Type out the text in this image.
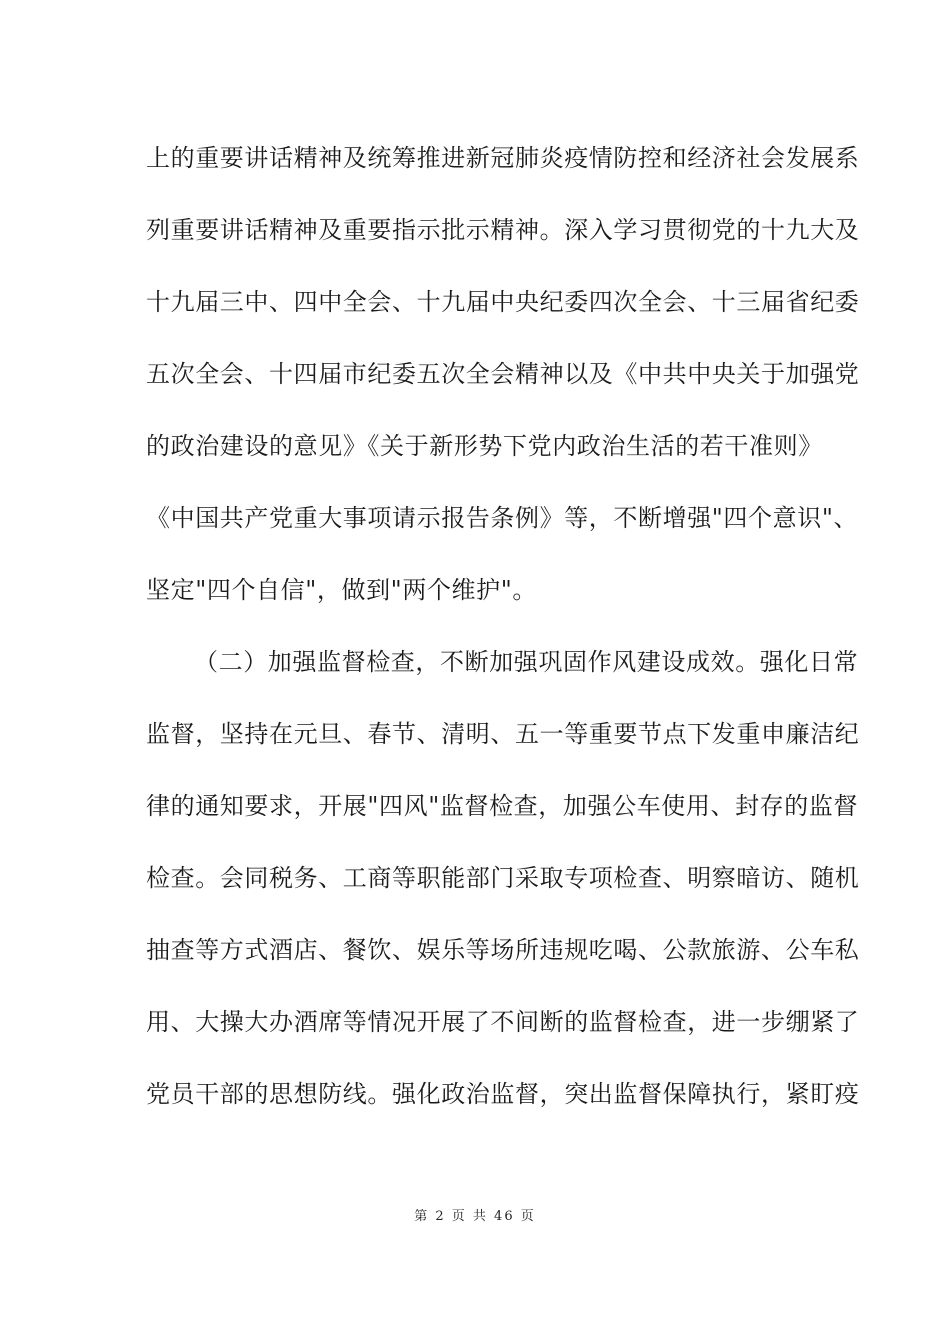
上的重要讲话精神及统筹推进新冠肺炎疫情防控和经济社会发展系
列重要讲话精神及重要指示批示精神。深入学习贯彻党的十九大及
十九届三中、四中全会、十九届中央纪委四次全会、十三届省纪委
五次全会、十四届市纪委五次全会精神以及《中共中央关于加强党
的政治建设的意见》《关于新形势下党内政治生活的若干准则》
《中国共产党重大事项请示报告条例》等，不断增强"四个意识"、
坚定"四个自信"，做到"两个维护"。
（二）加强监督检查，不断加强巩固作风建设成效。强化日常
监督，坚持在元旦、春节、清明、五一等重要节点下发重申廉洁纪
律的通知要求，开展"四风"监督检查，加强公车使用、封存的监督
检查。会同税务、工商等职能部门采取专项检查、明察暗访、随机
抽查等方式酒店、餐饮、娱乐等场所违规吃喝、公款旅游、公车私
用、大操大办酒席等情况开展了不间断的监督检查，进一步绷紧了
党员干部的思想防线。强化政治监督，突出监督保障执行，紧盯疫
第 2 页 共 46 页
